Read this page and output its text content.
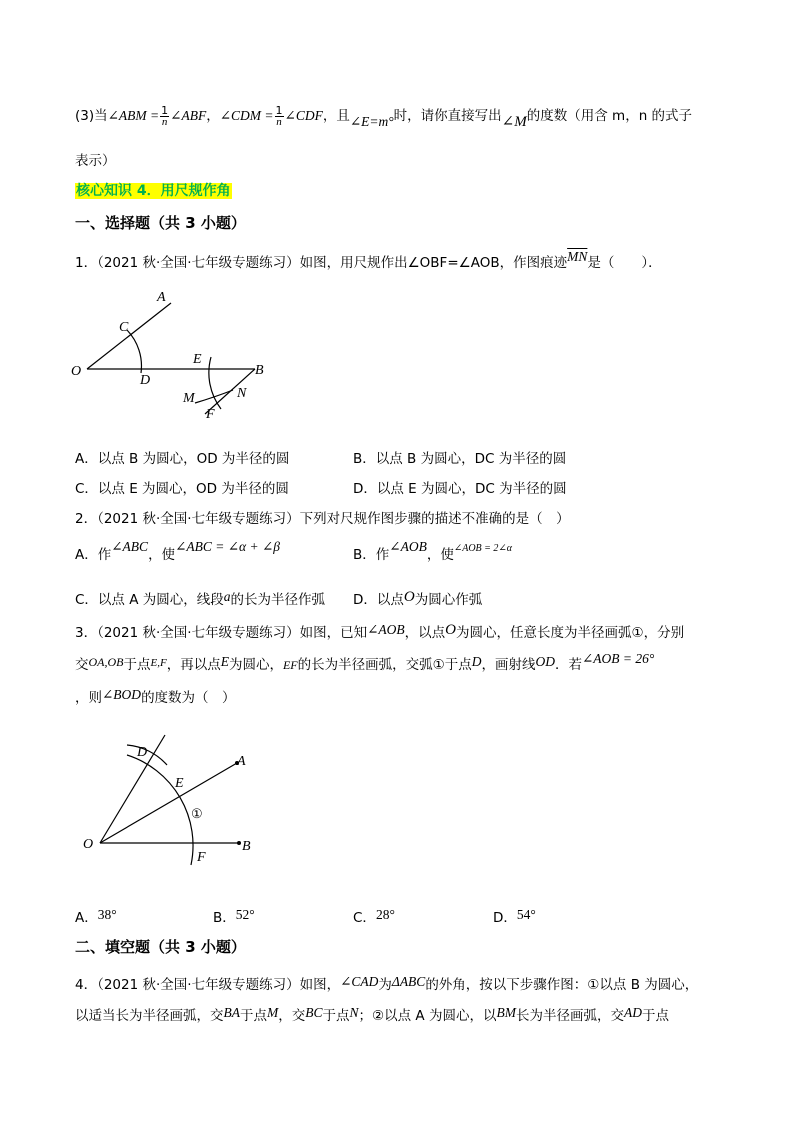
(3)当∠ABM = $\frac{1}{n}$ ∠ABF，∠CDM = $\frac{1}{n}$ ∠CDF，且∠E=m°时，请你直接写出∠M的度数（用含 m，n 的式子
表示）
核心知识 4．用尺规作角
一、选择题（共 3 小题）
1．（2021 秋·全国·七年级专题练习）如图，用尺规作出∠OBF=∠AOB，作图痕迹$\overline{MN}$是（　　）．
A
C
O
D
E
B
M	N
F
A．以点 B 为圆心，OD 为半径的圆	B．以点 B 为圆心，DC 为半径的圆
C．以点 E 为圆心，OD 为半径的圆	D．以点 E 为圆心，DC 为半径的圆
2．（2021 秋·全国·七年级专题练习）下列对尺规作图步骤的描述不准确的是（　）
A．作∠ABC，使∠ABC = ∠α + ∠β
B．作∠AOB，使$^{\angle AOB = 2\angle\alpha}$
C．以点 A 为圆心，线段a的长为半径作弧 D．以点O为圆心作弧
3．（2021 秋·全国·七年级专题练习）如图，已知∠AOB，以点O为圆心，任意长度为半径画弧①，分别
交OA,OB于点$^{E,F}$，再以点E为圆心，EF的长为半径画弧，交弧①于点D，画射线OD．若∠AOB = 26°
，则∠BOD的度数为（　）
D
A
E
①
O	B
F
A．38°	B．52°	C．28°	D．54°
二、填空题（共 3 小题）
4．（2021 秋·全国·七年级专题练习）如图，∠CAD为ΔABC的外角，按以下步骤作图：①以点 B 为圆心，
以适当长为半径画弧，交BA于点M，交BC于点N；②以点 A 为圆心，以BM长为半径画弧，交AD于点
